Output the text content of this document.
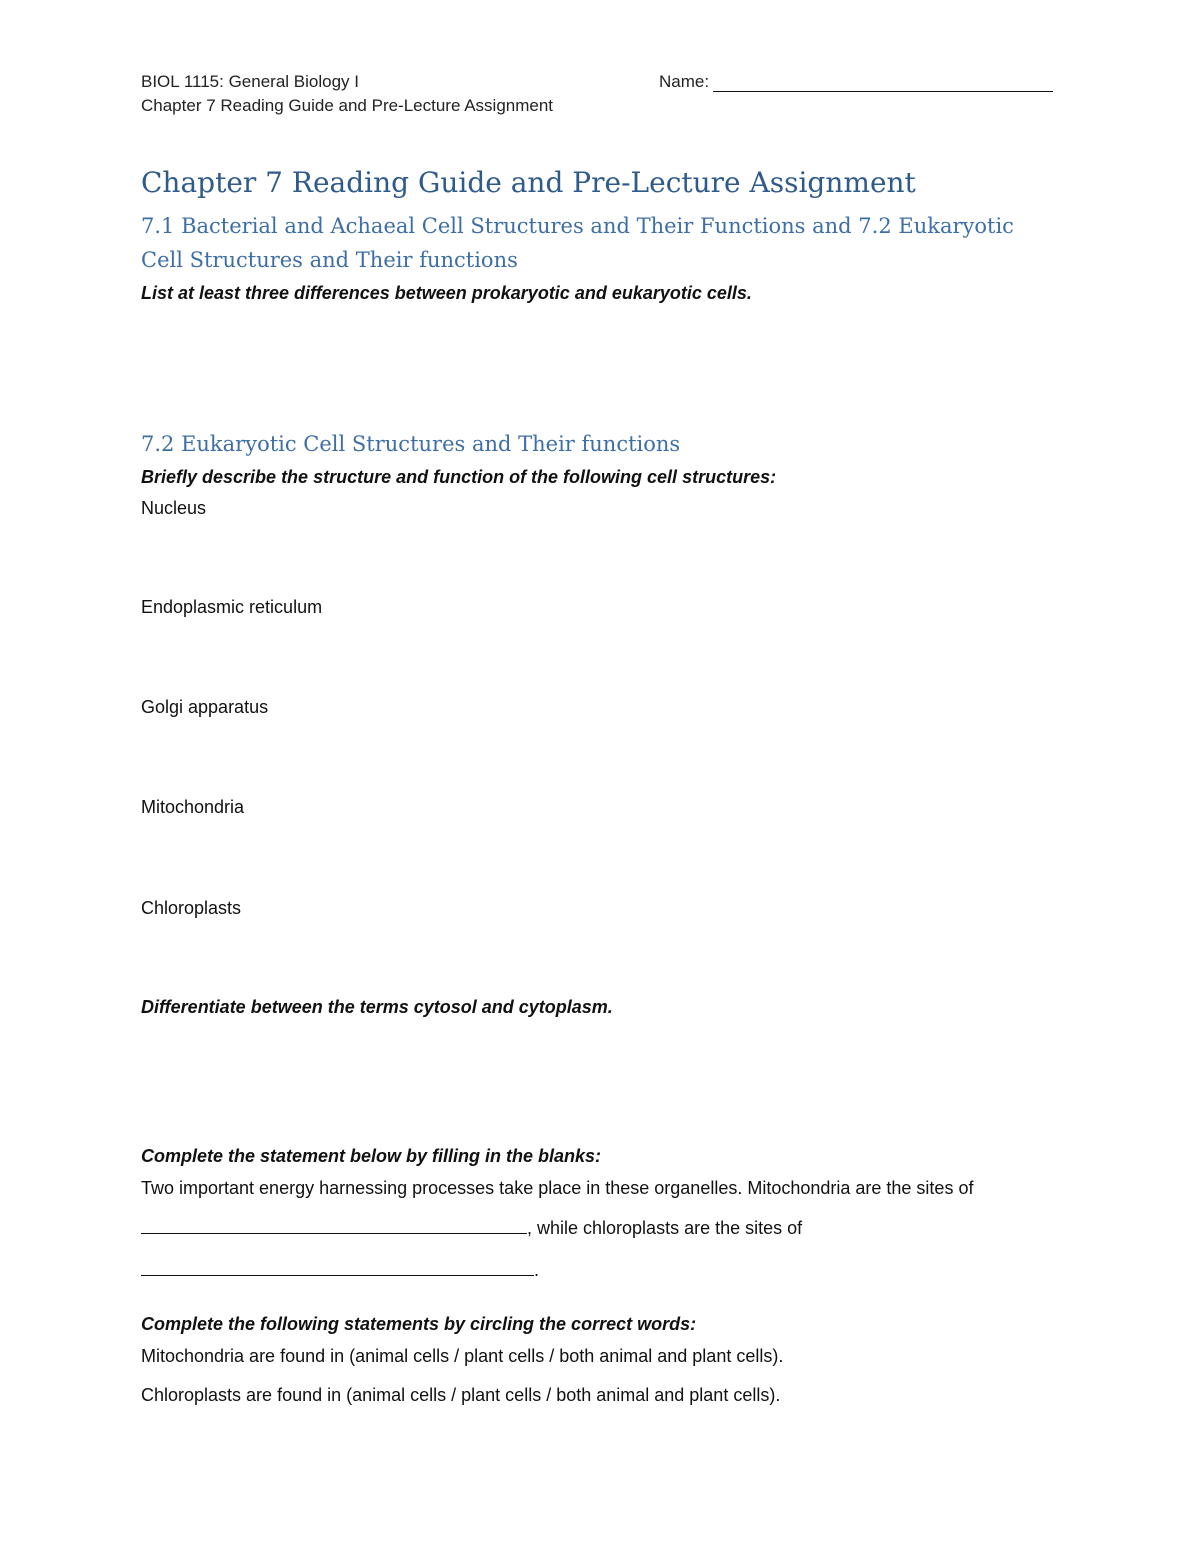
BIOL 1115: General Biology I
Chapter 7 Reading Guide and Pre-Lecture Assignment
Name:
Chapter 7 Reading Guide and Pre-Lecture Assignment
7.1 Bacterial and Achaeal Cell Structures and Their Functions and 7.2 Eukaryotic
Cell Structures and Their functions
List at least three differences between prokaryotic and eukaryotic cells.
7.2 Eukaryotic Cell Structures and Their functions
Briefly describe the structure and function of the following cell structures:
Nucleus
Endoplasmic reticulum
Golgi apparatus
Mitochondria
Chloroplasts
Differentiate between the terms cytosol and cytoplasm.
Complete the statement below by filling in the blanks:
Two important energy harnessing processes take place in these organelles. Mitochondria are the sites of
, while chloroplasts are the sites of
.
Complete the following statements by circling the correct words:
Mitochondria are found in (animal cells / plant cells / both animal and plant cells).
Chloroplasts are found in (animal cells / plant cells / both animal and plant cells).
